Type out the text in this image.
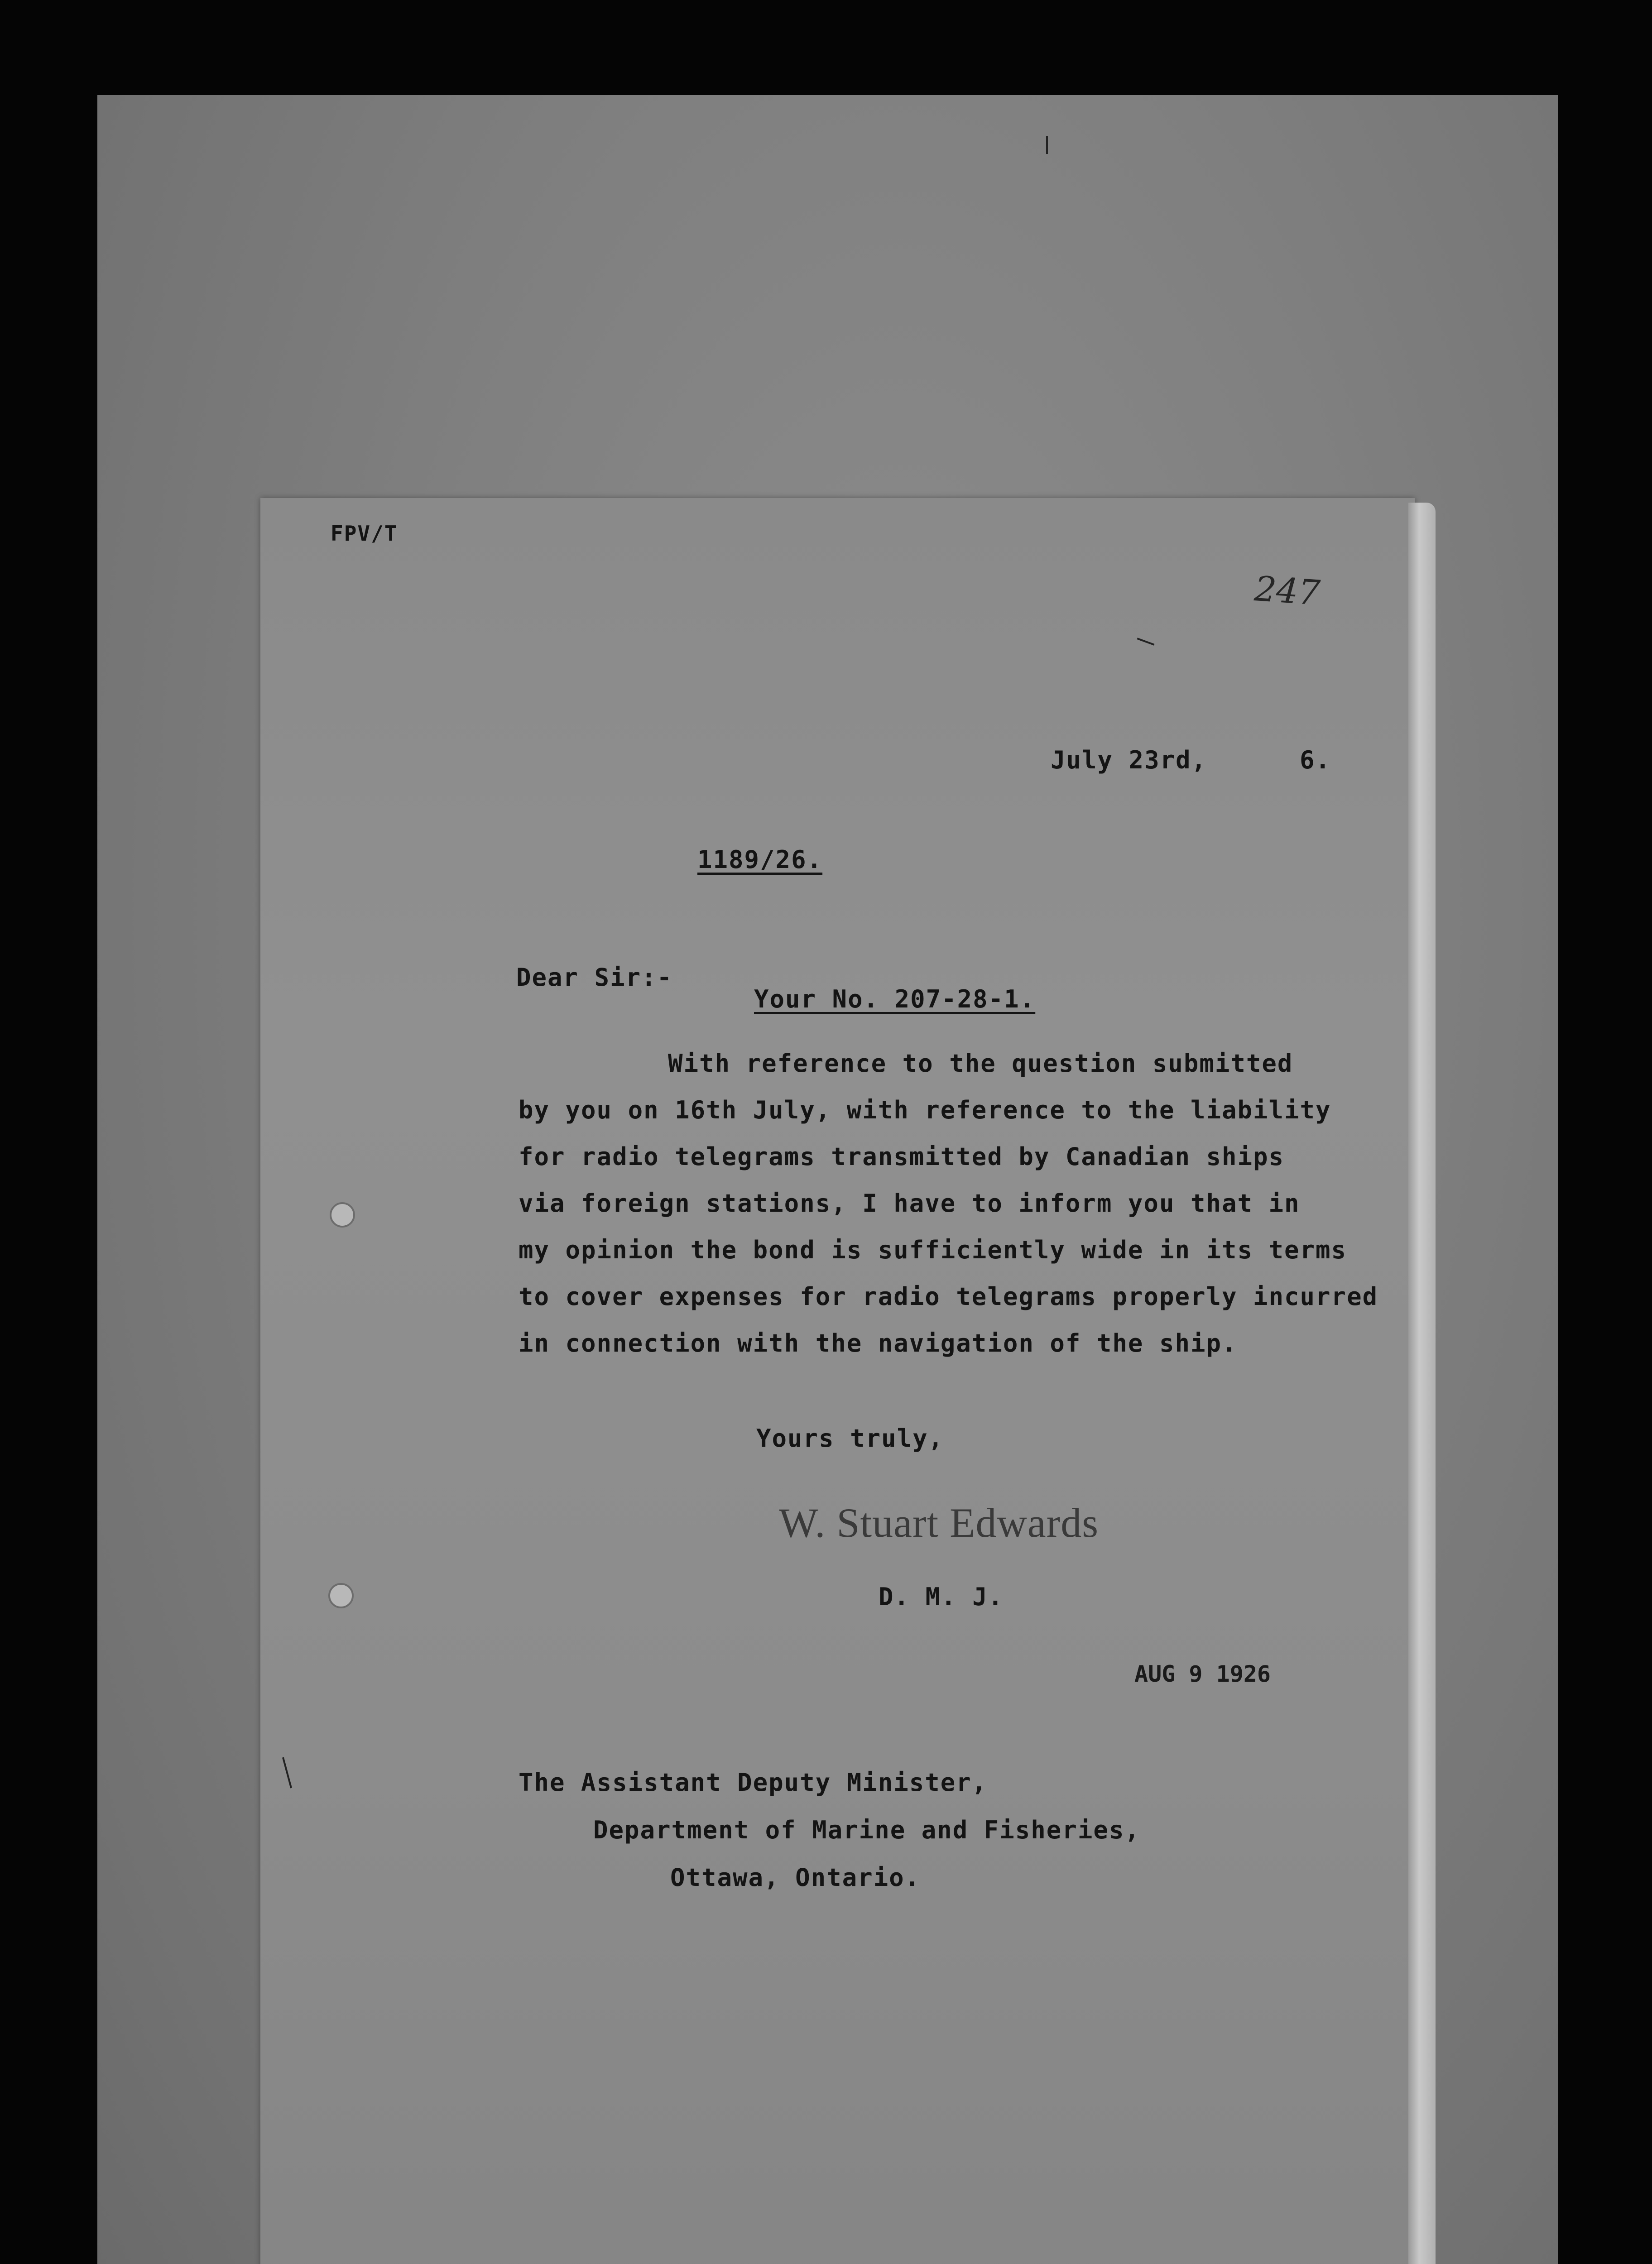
FPV/T
247
July 23rd,	6.
1189/26.
Dear Sir:-
Your No. 207-28-1.
With reference to the question submitted
by you on 16th July, with reference to the liability
for radio telegrams transmitted by Canadian ships
via foreign stations, I have to inform you that in
my opinion the bond is sufficiently wide in its terms
to cover expenses for radio telegrams properly incurred
in connection with the navigation of the ship.
Yours truly,
W. Stuart Edwards
D. M. J.
AUG 9 1926
The Assistant Deputy Minister,
Department of Marine and Fisheries,
Ottawa, Ontario.
